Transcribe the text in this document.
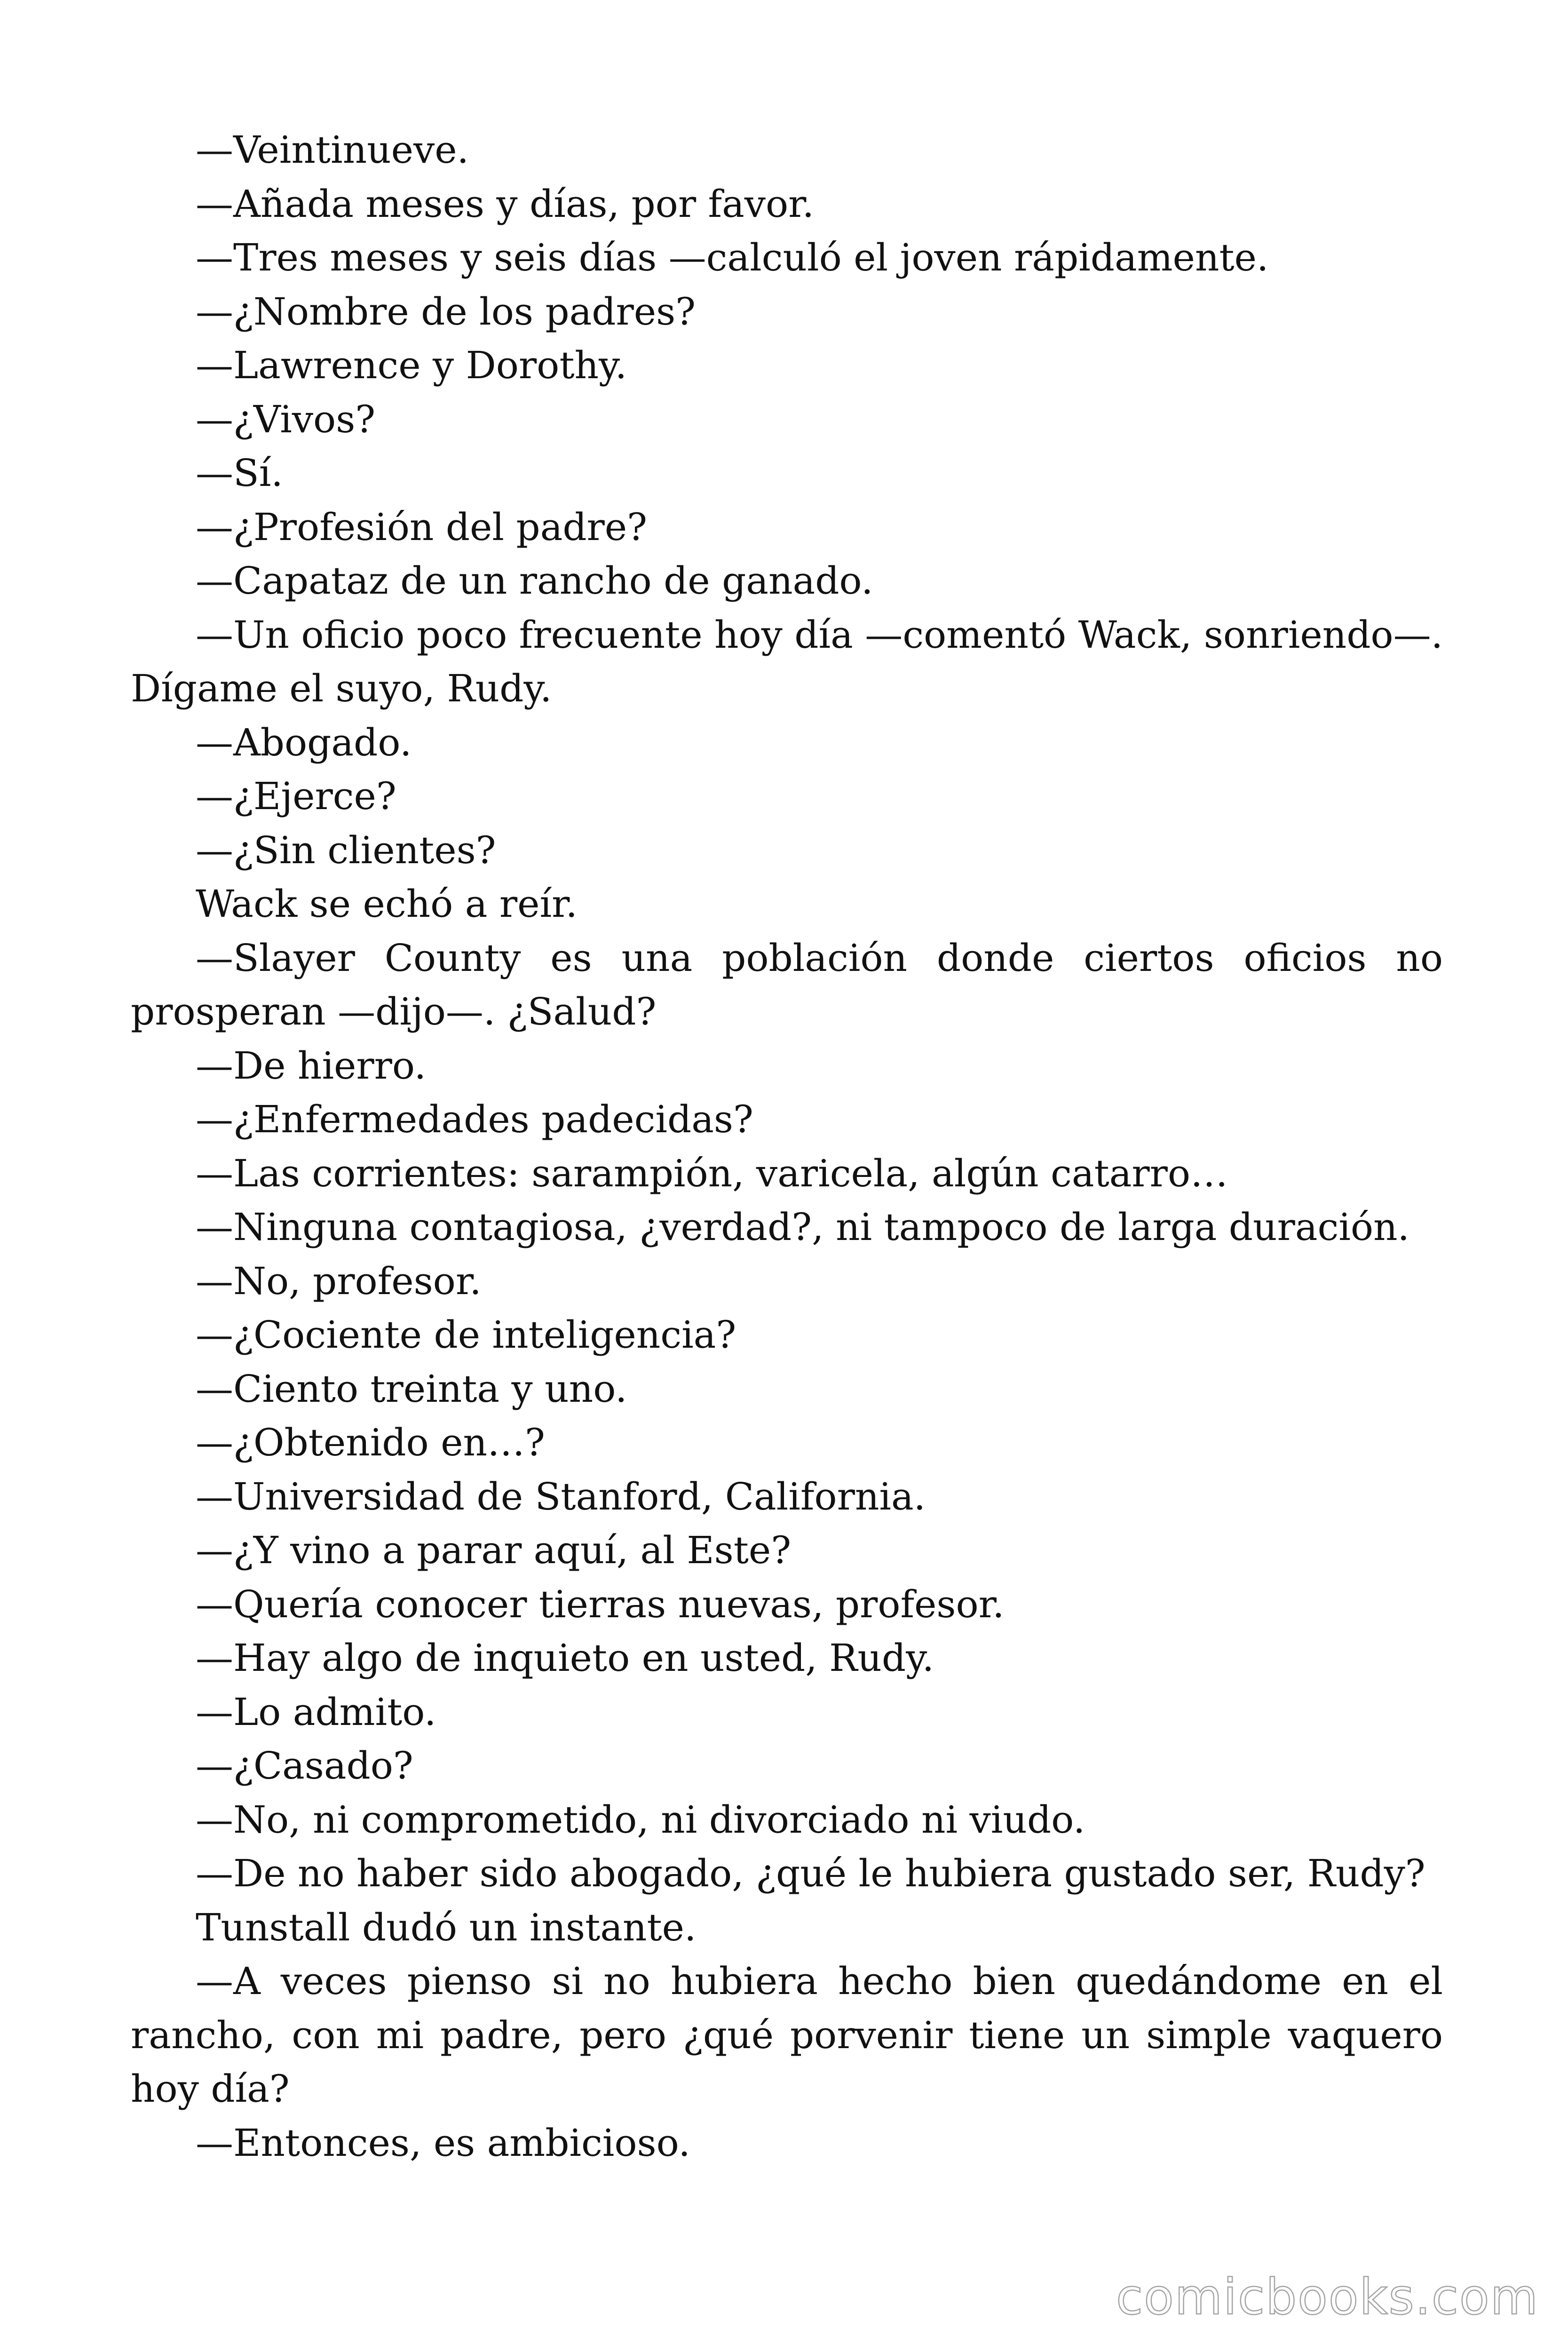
—Veintinueve.

—Añada meses y días, por favor.

—Tres meses y seis días —calculó el joven rápidamente.

—¿Nombre de los padres?

—Lawrence y Dorothy.

—¿Vivos?

—Sí.

—¿Profesión del padre?

—Capataz de un rancho de ganado.

—Un oficio poco frecuente hoy día —comentó Wack, sonriendo—. Dígame el suyo, Rudy.

—Abogado.

—¿Ejerce?

—¿Sin clientes?

Wack se echó a reír.

—Slayer County es una población donde ciertos oficios no prosperan —dijo—. ¿Salud?

—De hierro.

—¿Enfermedades padecidas?

—Las corrientes: sarampión, varicela, algún catarro…

—Ninguna contagiosa, ¿verdad?, ni tampoco de larga duración.

—No, profesor.

—¿Cociente de inteligencia?

—Ciento treinta y uno.

—¿Obtenido en…?

—Universidad de Stanford, California.

—¿Y vino a parar aquí, al Este?

—Quería conocer tierras nuevas, profesor.

—Hay algo de inquieto en usted, Rudy.

—Lo admito.

—¿Casado?

—No, ni comprometido, ni divorciado ni viudo.

—De no haber sido abogado, ¿qué le hubiera gustado ser, Rudy?

Tunstall dudó un instante.

—A veces pienso si no hubiera hecho bien quedándome en el rancho, con mi padre, pero ¿qué porvenir tiene un simple vaquero hoy día?

—Entonces, es ambicioso.

comicbooks.com
